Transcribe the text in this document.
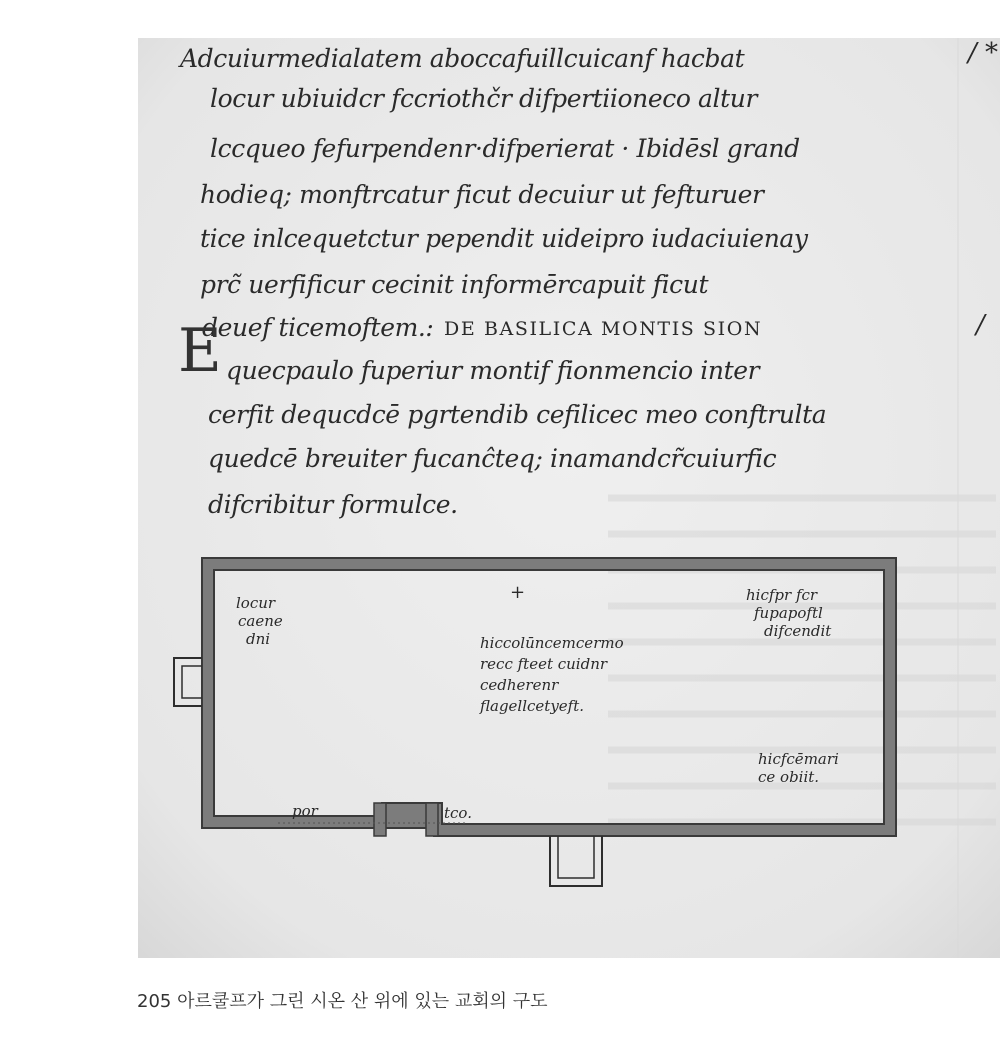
Adcuiurmedialatem aboccafuillcuicanf hacbat
locur ubiuidcr fccriothčr difpertiioneco altur
lccqueo fefurpendenr·difperierat · Ibidēsl grand
hodieq; monftrcatur ficut decuiur ut fefturuer
tice inlcequetctur pependit uideipro iudaciuienay
prc̃ uerfificur cecinit informērcapuit ficut
deuef ticemoftem.: DE BASILICA MONTIS SION
E quecpaulo fuperiur montif fionmencio inter
cerfit dequcdcē pgrtendib cefilicec meo conftrulta
quedcē breuiter fucanĉteq; inamandcr̃cuiurfic
difcribitur formulce.
/ *
/
+
locur
caene
dni	hiccolūncemcermo
recc fteet cuidnr
cedherenr
flagellcetyeft.
hicfpr fcr
fupapoftl
difcendit
hicfcēmari
ce obiit.
por	tco.
205 아르쿨프가 그린 시온 산 위에 있는 교회의 구도
